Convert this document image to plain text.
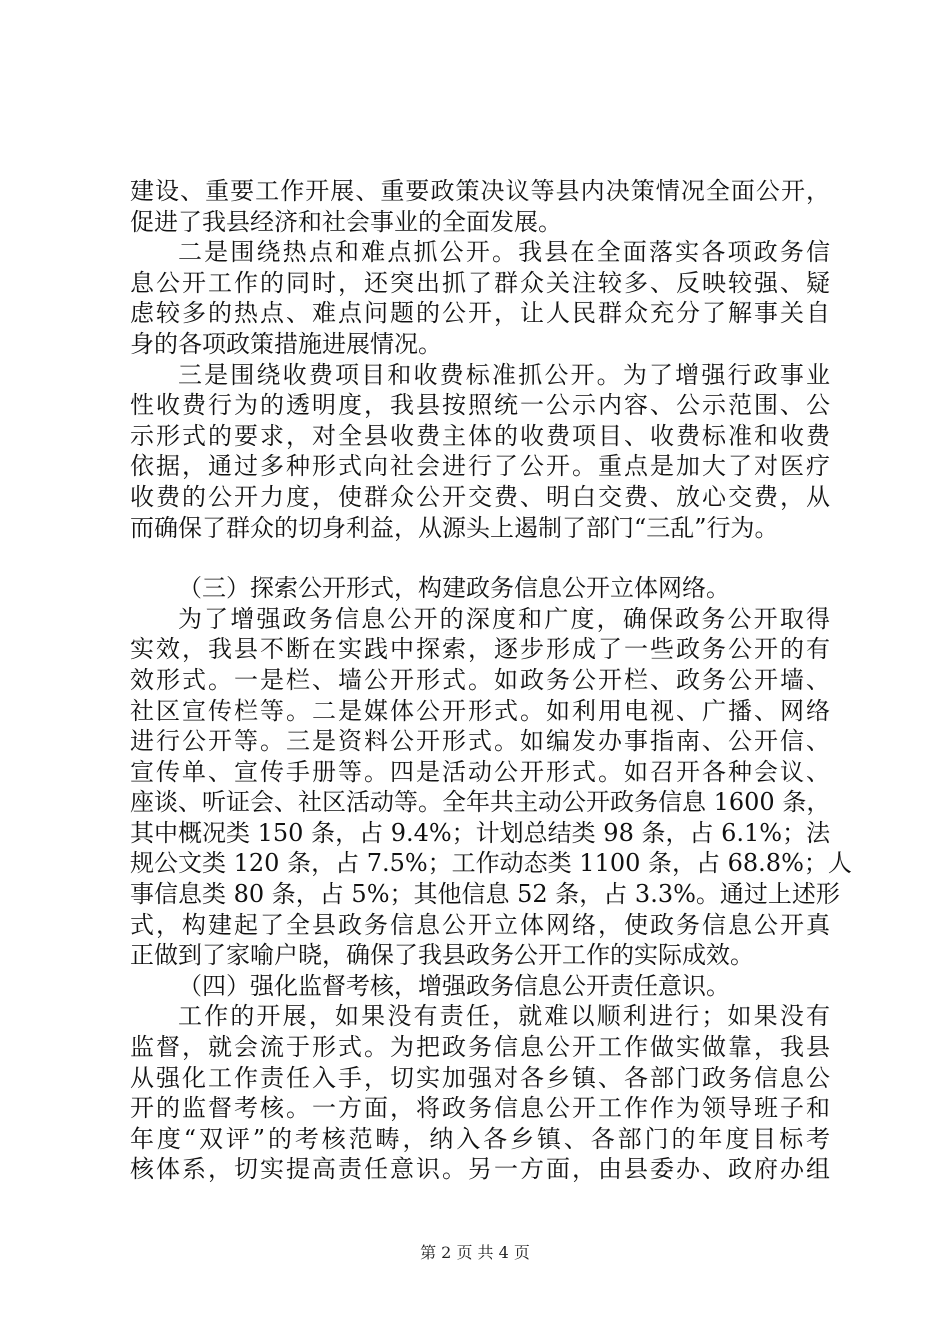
建设、重要工作开展、重要政策决议等县内决策情况全面公开，
促进了我县经济和社会事业的全面发展。
二是围绕热点和难点抓公开。我县在全面落实各项政务信
息公开工作的同时，还突出抓了群众关注较多、反映较强、疑
虑较多的热点、难点问题的公开，让人民群众充分了解事关自
身的各项政策措施进展情况。
三是围绕收费项目和收费标准抓公开。为了增强行政事业
性收费行为的透明度，我县按照统一公示内容、公示范围、公
示形式的要求，对全县收费主体的收费项目、收费标准和收费
依据，通过多种形式向社会进行了公开。重点是加大了对医疗
收费的公开力度，使群众公开交费、明白交费、放心交费，从
而确保了群众的切身利益，从源头上遏制了部门“三乱”行为。
（三）探索公开形式，构建政务信息公开立体网络。
为了增强政务信息公开的深度和广度，确保政务公开取得
实效，我县不断在实践中探索，逐步形成了一些政务公开的有
效形式。一是栏、墙公开形式。如政务公开栏、政务公开墙、
社区宣传栏等。二是媒体公开形式。如利用电视、广播、网络
进行公开等。三是资料公开形式。如编发办事指南、公开信、
宣传单、宣传手册等。四是活动公开形式。如召开各种会议、
座谈、听证会、社区活动等。全年共主动公开政务信息 1600 条，
其中概况类 150 条，占 9.4%；计划总结类 98 条，占 6.1%；法
规公文类 120 条，占 7.5%；工作动态类 1100 条，占 68.8%；人
事信息类 80 条，占 5%；其他信息 52 条，占 3.3%。通过上述形
式，构建起了全县政务信息公开立体网络，使政务信息公开真
正做到了家喻户晓，确保了我县政务公开工作的实际成效。
（四）强化监督考核，增强政务信息公开责任意识。
工作的开展，如果没有责任，就难以顺利进行；如果没有
监督，就会流于形式。为把政务信息公开工作做实做靠，我县
从强化工作责任入手，切实加强对各乡镇、各部门政务信息公
开的监督考核。一方面，将政务信息公开工作作为领导班子和
年度“双评”的考核范畴，纳入各乡镇、各部门的年度目标考
核体系，切实提高责任意识。另一方面，由县委办、政府办组
第 2 页 共 4 页
